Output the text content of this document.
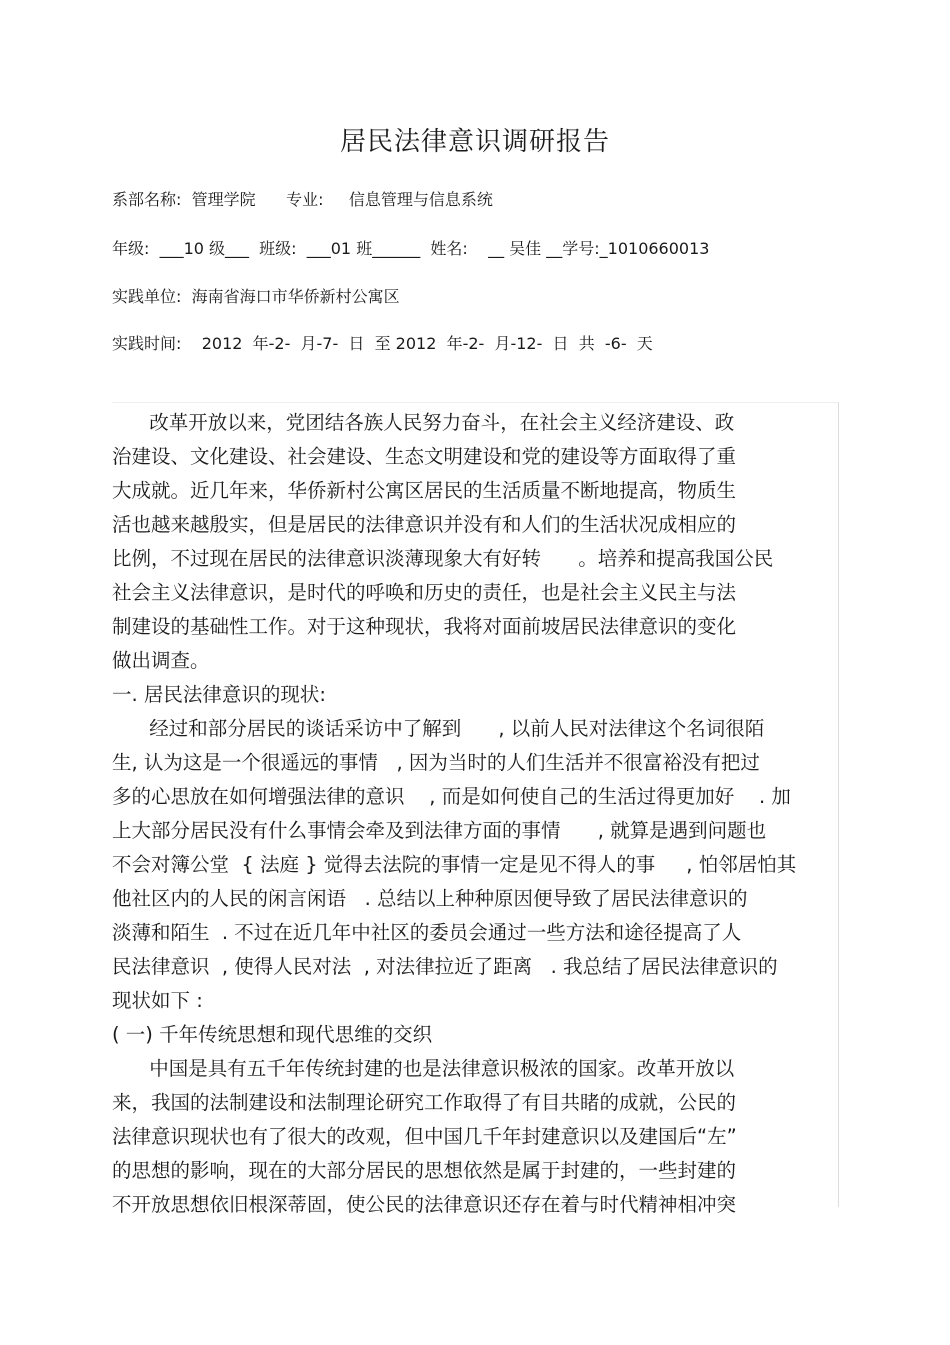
居民法律意识调研报告
系部名称:  管理学院      专业:     信息管理与信息系统
年级:  ___10 级___  班级:  ___01 班______  姓名:    __ 吴佳 __学号:_1010660013
实践单位:  海南省海口市华侨新村公寓区
实践时间:    2012  年-2-  月-7-  日  至 2012  年-2-  月-12-  日  共  -6-  天
改革开放以来，党团结各族人民努力奋斗，在社会主义经济建设、政
治建设、文化建设、社会建设、生态文明建设和党的建设等方面取得了重
大成就。近几年来，华侨新村公寓区居民的生活质量不断地提高，物质生
活也越来越殷实，但是居民的法律意识并没有和人们的生活状况成相应的
比例，不过现在居民的法律意识淡薄现象大有好转      。培养和提高我国公民
社会主义法律意识，是时代的呼唤和历史的责任，也是社会主义民主与法
制建设的基础性工作。对于这种现状，我将对面前坡居民法律意识的变化
做出调查。
一. 居民法律意识的现状:
经过和部分居民的谈话采访中了解到      , 以前人民对法律这个名词很陌
生, 认为这是一个很遥远的事情   , 因为当时的人们生活并不很富裕没有把过
多的心思放在如何增强法律的意识    , 而是如何使自己的生活过得更加好    . 加
上大部分居民没有什么事情会牵及到法律方面的事情      , 就算是遇到问题也
不会对簿公堂  { 法庭 } 觉得去法院的事情一定是见不得人的事     , 怕邻居怕其
他社区内的人民的闲言闲语   . 总结以上种种原因便导致了居民法律意识的
淡薄和陌生  . 不过在近几年中社区的委员会通过一些方法和途径提高了人
民法律意识  , 使得人民对法  , 对法律拉近了距离   . 我总结了居民法律意识的
现状如下 :
( 一) 千年传统思想和现代思维的交织
中国是具有五千年传统封建的也是法律意识极浓的国家。改革开放以
来，我国的法制建设和法制理论研究工作取得了有目共睹的成就，公民的
法律意识现状也有了很大的改观，但中国几千年封建意识以及建国后“左”
的思想的影响，现在的大部分居民的思想依然是属于封建的，一些封建的
不开放思想依旧根深蒂固，使公民的法律意识还存在着与时代精神相冲突
